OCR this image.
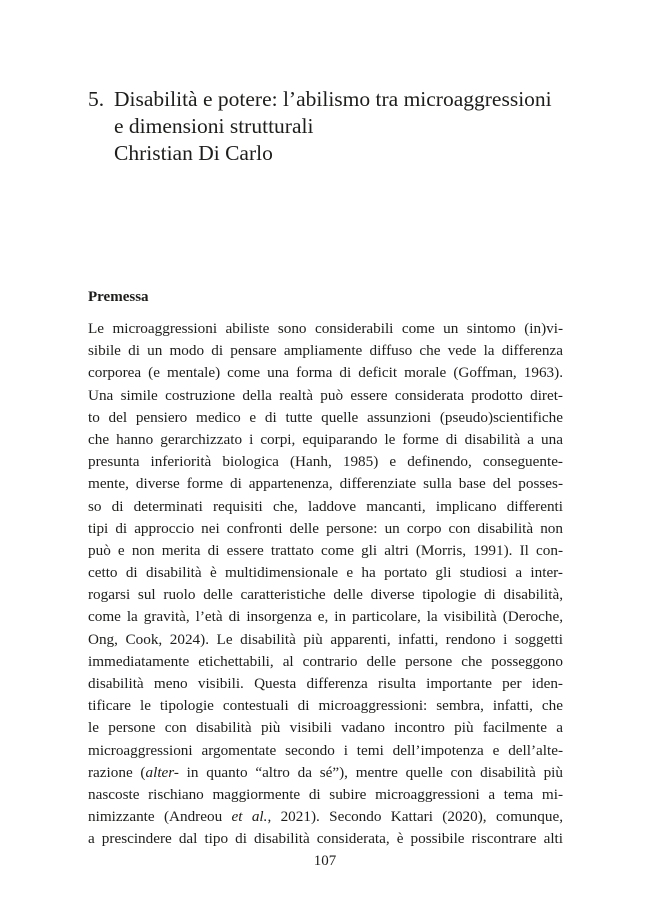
5. Disabilità e potere: l’abilismo tra microaggressioni
e dimensioni strutturali
Christian Di Carlo
Premessa
Le microaggressioni abiliste sono considerabili come un sintomo (in)vi-
sibile di un modo di pensare ampliamente diffuso che vede la differenza
corporea (e mentale) come una forma di deficit morale (Goffman, 1963).
Una simile costruzione della realtà può essere considerata prodotto diret-
to del pensiero medico e di tutte quelle assunzioni (pseudo)scientifiche
che hanno gerarchizzato i corpi, equiparando le forme di disabilità a una
presunta inferiorità biologica (Hanh, 1985) e definendo, conseguente-
mente, diverse forme di appartenenza, differenziate sulla base del posses-
so di determinati requisiti che, laddove mancanti, implicano differenti
tipi di approccio nei confronti delle persone: un corpo con disabilità non
può e non merita di essere trattato come gli altri (Morris, 1991). Il con-
cetto di disabilità è multidimensionale e ha portato gli studiosi a inter-
rogarsi sul ruolo delle caratteristiche delle diverse tipologie di disabilità,
come la gravità, l’età di insorgenza e, in particolare, la visibilità (Deroche,
Ong, Cook, 2024). Le disabilità più apparenti, infatti, rendono i soggetti
immediatamente etichettabili, al contrario delle persone che posseggono
disabilità meno visibili. Questa differenza risulta importante per iden-
tificare le tipologie contestuali di microaggressioni: sembra, infatti, che
le persone con disabilità più visibili vadano incontro più facilmente a
microaggressioni argomentate secondo i temi dell’impotenza e dell’alte-
razione (alter- in quanto “altro da sé”), mentre quelle con disabilità più
nascoste rischiano maggiormente di subire microaggressioni a tema mi-
nimizzante (Andreou et al., 2021). Secondo Kattari (2020), comunque,
a prescindere dal tipo di disabilità considerata, è possibile riscontrare alti
107
